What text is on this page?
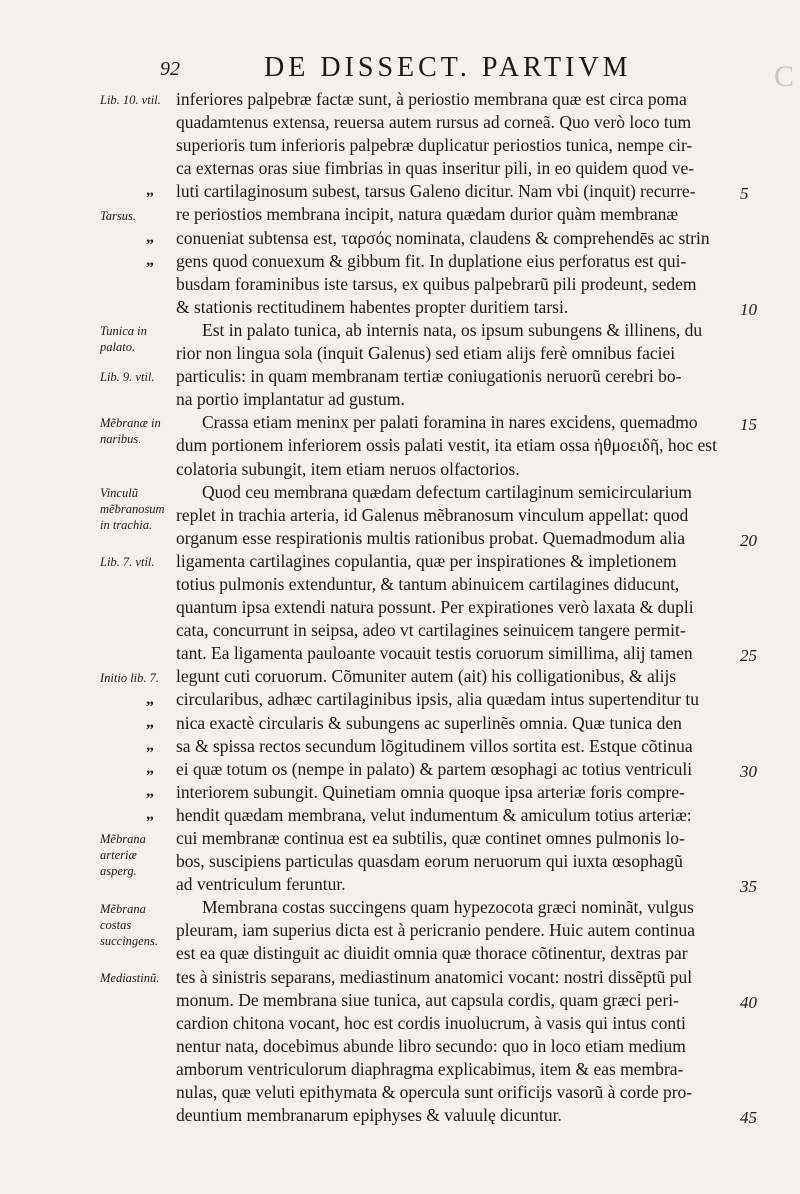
C
92	DE DISSECT. PARTIVM
Lib. 10. vtil.
Tarsus.
Tunica in palato.
Lib. 9. vtil.
Mẽbranæ in naribus.
Vinculũ mẽbranosum in trachia.
Lib. 7. vtil.
Initio lib. 7.
Mẽbrana arteriæ asperg.
Mẽbrana costas succingens.
Mediastinũ.
„
„
„
„
„
„
„
„
„
inferiores palpebræ factæ sunt, à periostio membrana quæ est circa poma
quadamtenus extensa, reuersa autem rursus ad corneã. Quo verò loco tum
superioris tum inferioris palpebræ duplicatur periostios tunica, nempe cir-
ca externas oras siue fimbrias in quas inseritur pili, in eo quidem quod ve-
luti cartilaginosum subest, tarsus Galeno dicitur. Nam vbi (inquit) recurre-
re periostios membrana incipit, natura quædam durior quàm membranæ
conueniat subtensa est, ταρσός nominata, claudens & comprehendēs ac strin
gens quod conuexum & gibbum fit. In duplatione eius perforatus est qui-
busdam foraminibus iste tarsus, ex quibus palpebrarũ pili prodeunt, sedem
& stationis rectitudinem habentes propter duritiem tarsi.
Est in palato tunica, ab internis nata, os ipsum subungens & illinens, du
rior non lingua sola (inquit Galenus) sed etiam alijs ferè omnibus faciei
particulis: in quam membranam tertiæ coniugationis neruorũ cerebri bo-
na portio implantatur ad gustum.
Crassa etiam meninx per palati foramina in nares excidens, quemadmo
dum portionem inferiorem ossis palati vestit, ita etiam ossa ἠθμοειδῆ, hoc est
colatoria subungit, item etiam neruos olfactorios.
Quod ceu membrana quædam defectum cartilaginum semicircularium
replet in trachia arteria, id Galenus mẽbranosum vinculum appellat: quod
organum esse respirationis multis rationibus probat. Quemadmodum alia
ligamenta cartilagines copulantia, quæ per inspirationes & impletionem
totius pulmonis extenduntur, & tantum abinuicem cartilagines diducunt,
quantum ipsa extendi natura possunt. Per expirationes verò laxata & dupli
cata, concurrunt in seipsa, adeo vt cartilagines seinuicem tangere permit-
tant. Ea ligamenta pauloante vocauit testis coruorum simillima, alij tamen
legunt cuti coruorum. Cõmuniter autem (ait) his colligationibus, & alijs
circularibus, adhæc cartilaginibus ipsis, alia quædam intus supertenditur tu
nica exactè circularis & subungens ac superlinẽs omnia. Quæ tunica den
sa & spissa rectos secundum lõgitudinem villos sortita est. Estque cõtinua
ei quæ totum os (nempe in palato) & partem œsophagi ac totius ventriculi
interiorem subungit. Quinetiam omnia quoque ipsa arteriæ foris compre-
hendit quædam membrana, velut indumentum & amiculum totius arteriæ:
cui membranæ continua est ea subtilis, quæ continet omnes pulmonis lo-
bos, suscipiens particulas quasdam eorum neruorum qui iuxta œsophagũ
ad ventriculum feruntur.
Membrana costas succingens quam hypezocota græci nominãt, vulgus
pleuram, iam superius dicta est à pericranio pendere. Huic autem continua
est ea quæ distinguit ac diuidit omnia quæ thorace cõtinentur, dextras par
tes à sinistris separans, mediastinum anatomici vocant: nostri dissẽptũ pul
monum. De membrana siue tunica, aut capsula cordis, quam græci peri-
cardion chitona vocant, hoc est cordis inuolucrum, à vasis qui intus conti
nentur nata, docebimus abunde libro secundo: quo in loco etiam medium
amborum ventriculorum diaphragma explicabimus, item & eas membra-
nulas, quæ veluti epithymata & opercula sunt orificijs vasorũ à corde pro-
deuntium membranarum epiphyses & valuulę dicuntur.
5
10
15
20
25
30
35
40
45
